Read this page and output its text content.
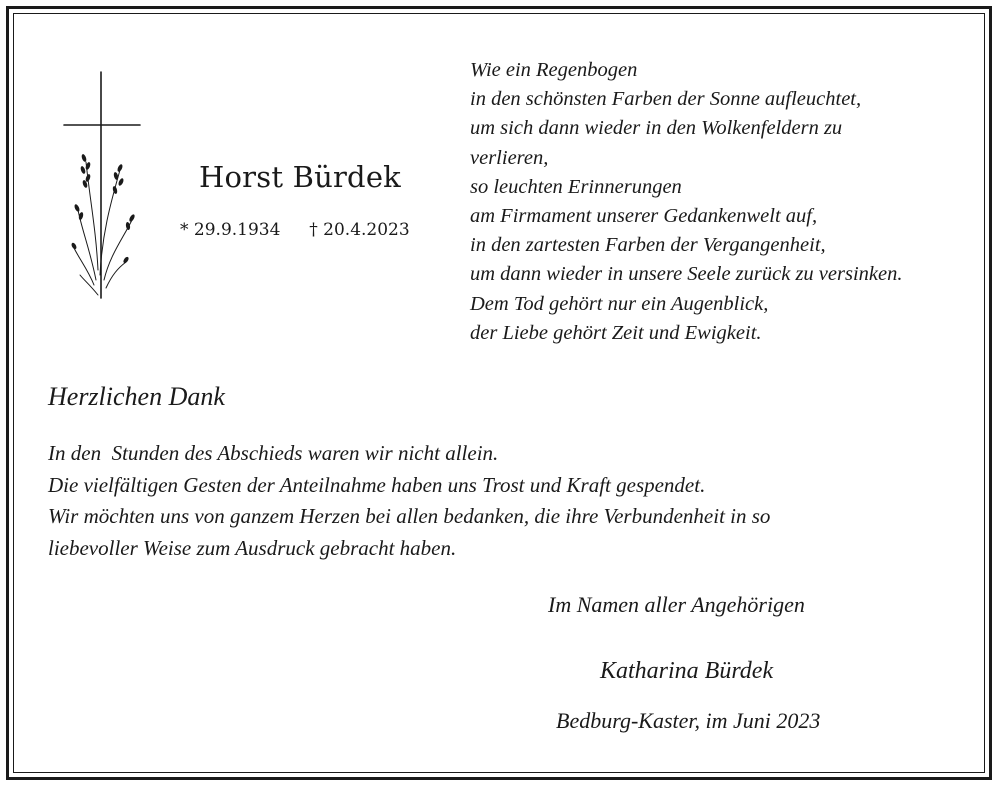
Horst Bürdek
* 29.9.1934 † 20.4.2023
Wie ein Regenbogen
in den schönsten Farben der Sonne aufleuchtet,
um sich dann wieder in den Wolkenfeldern zu
verlieren,
so leuchten Erinnerungen
am Firmament unserer Gedankenwelt auf,
in den zartesten Farben der Vergangenheit,
um dann wieder in unsere Seele zurück zu versinken.
Dem Tod gehört nur ein Augenblick,
der Liebe gehört Zeit und Ewigkeit.
Herzlichen Dank
In den  Stunden des Abschieds waren wir nicht allein.
Die vielfältigen Gesten der Anteilnahme haben uns Trost und Kraft gespendet.
Wir möchten uns von ganzem Herzen bei allen bedanken, die ihre Verbundenheit in so
liebevoller Weise zum Ausdruck gebracht haben.
Im Namen aller Angehörigen
Katharina Bürdek
Bedburg-Kaster, im Juni 2023
